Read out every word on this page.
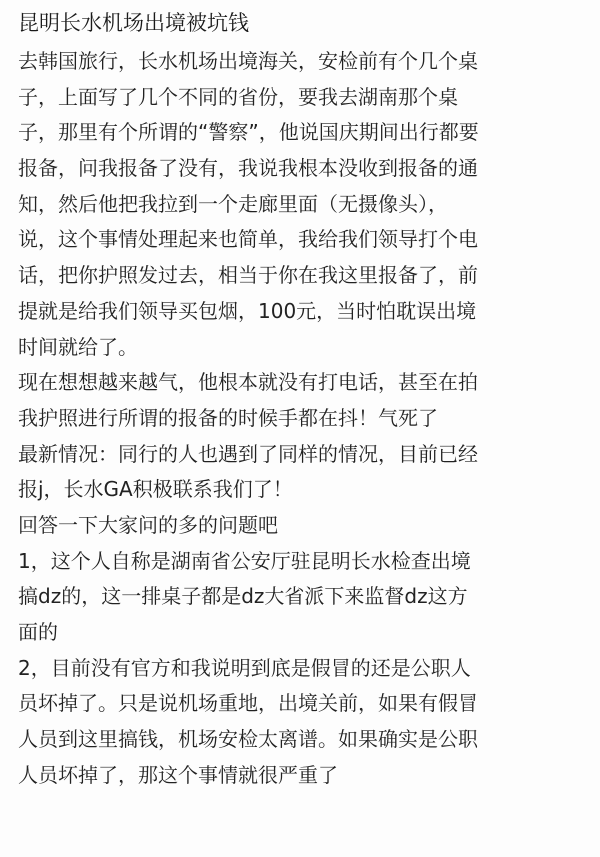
昆明长水机场出境被坑钱
去韩国旅行，长水机场出境海关，安检前有个几个桌
子，上面写了几个不同的省份，要我去湖南那个桌
子，那里有个所谓的“警察”，他说国庆期间出行都要
报备，问我报备了没有，我说我根本没收到报备的通
知，然后他把我拉到一个走廊里面（无摄像头），
说，这个事情处理起来也简单，我给我们领导打个电
话，把你护照发过去，相当于你在我这里报备了，前
提就是给我们领导买包烟，100元，当时怕耽误出境
时间就给了。
现在想想越来越气，他根本就没有打电话，甚至在拍
我护照进行所谓的报备的时候手都在抖！气死了
最新情况：同行的人也遇到了同样的情况，目前已经
报j，长水GA积极联系我们了！
回答一下大家问的多的问题吧
1，这个人自称是湖南省公安厅驻昆明长水检查出境
搞dz的，这一排桌子都是dz大省派下来监督dz这方
面的
2，目前没有官方和我说明到底是假冒的还是公职人
员坏掉了。只是说机场重地，出境关前，如果有假冒
人员到这里搞钱，机场安检太离谱。如果确实是公职
人员坏掉了，那这个事情就很严重了
